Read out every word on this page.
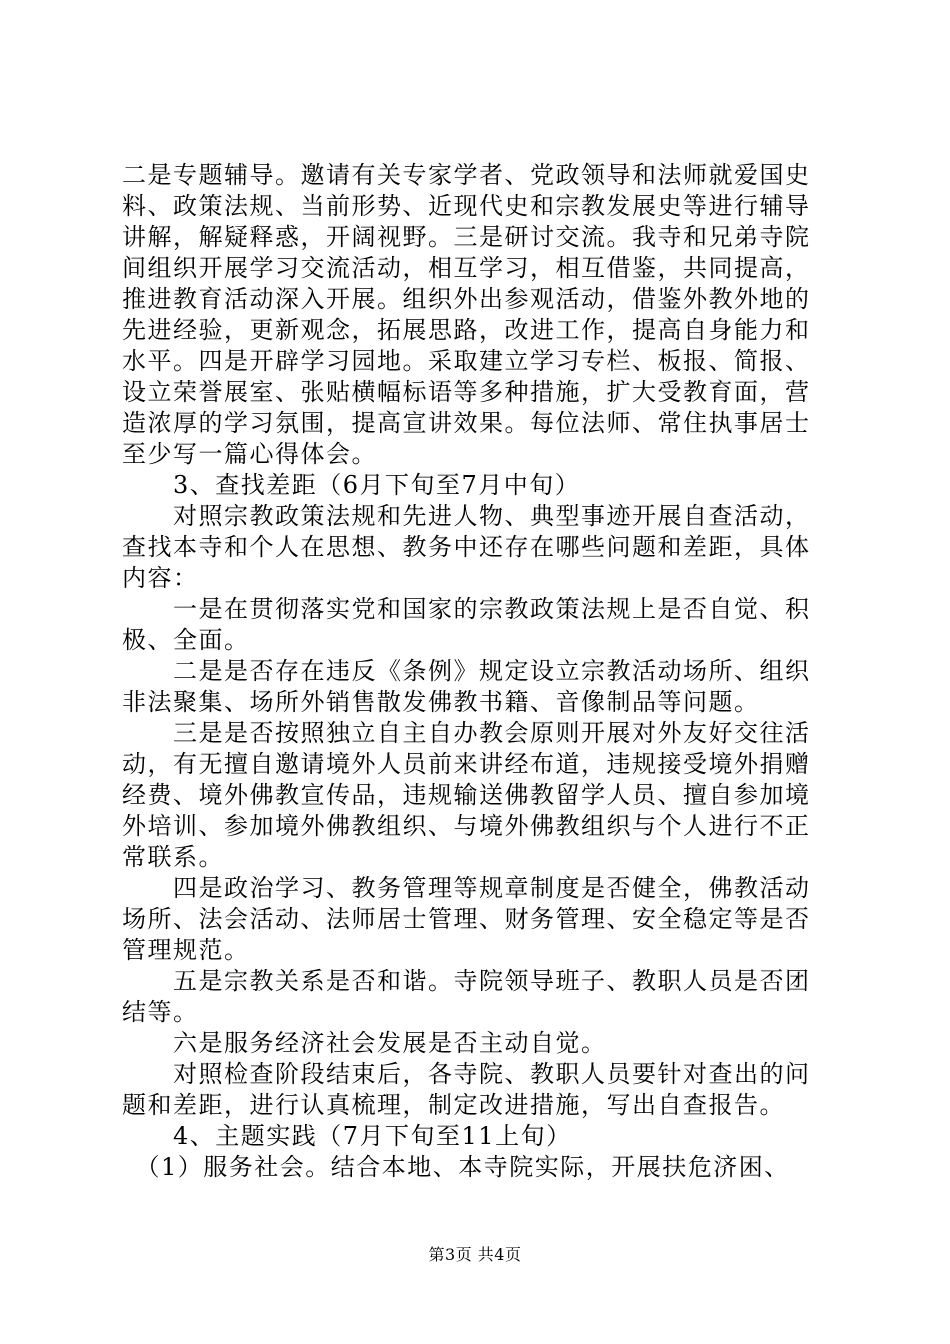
二是专题辅导。邀请有关专家学者、党政领导和法师就爱国史
料、政策法规、当前形势、近现代史和宗教发展史等进行辅导
讲解，解疑释惑，开阔视野。三是研讨交流。我寺和兄弟寺院
间组织开展学习交流活动，相互学习，相互借鉴，共同提高，
推进教育活动深入开展。组织外出参观活动，借鉴外教外地的
先进经验，更新观念，拓展思路，改进工作，提高自身能力和
水平。四是开辟学习园地。采取建立学习专栏、板报、简报、
设立荣誉展室、张贴横幅标语等多种措施，扩大受教育面，营
造浓厚的学习氛围，提高宣讲效果。每位法师、常住执事居士
至少写一篇心得体会。
　　3、查找差距（6月下旬至7月中旬）
　　对照宗教政策法规和先进人物、典型事迹开展自查活动，
查找本寺和个人在思想、教务中还存在哪些问题和差距，具体
内容：
　　一是在贯彻落实党和国家的宗教政策法规上是否自觉、积
极、全面。
　　二是是否存在违反《条例》规定设立宗教活动场所、组织
非法聚集、场所外销售散发佛教书籍、音像制品等问题。
　　三是是否按照独立自主自办教会原则开展对外友好交往活
动，有无擅自邀请境外人员前来讲经布道，违规接受境外捐赠
经费、境外佛教宣传品，违规输送佛教留学人员、擅自参加境
外培训、参加境外佛教组织、与境外佛教组织与个人进行不正
常联系。
　　四是政治学习、教务管理等规章制度是否健全，佛教活动
场所、法会活动、法师居士管理、财务管理、安全稳定等是否
管理规范。
　　五是宗教关系是否和谐。寺院领导班子、教职人员是否团
结等。
　　六是服务经济社会发展是否主动自觉。
　　对照检查阶段结束后，各寺院、教职人员要针对查出的问
题和差距，进行认真梳理，制定改进措施，写出自查报告。
　　4、主题实践（7月下旬至11上旬）
　（1）服务社会。结合本地、本寺院实际，开展扶危济困、
第3页 共4页
